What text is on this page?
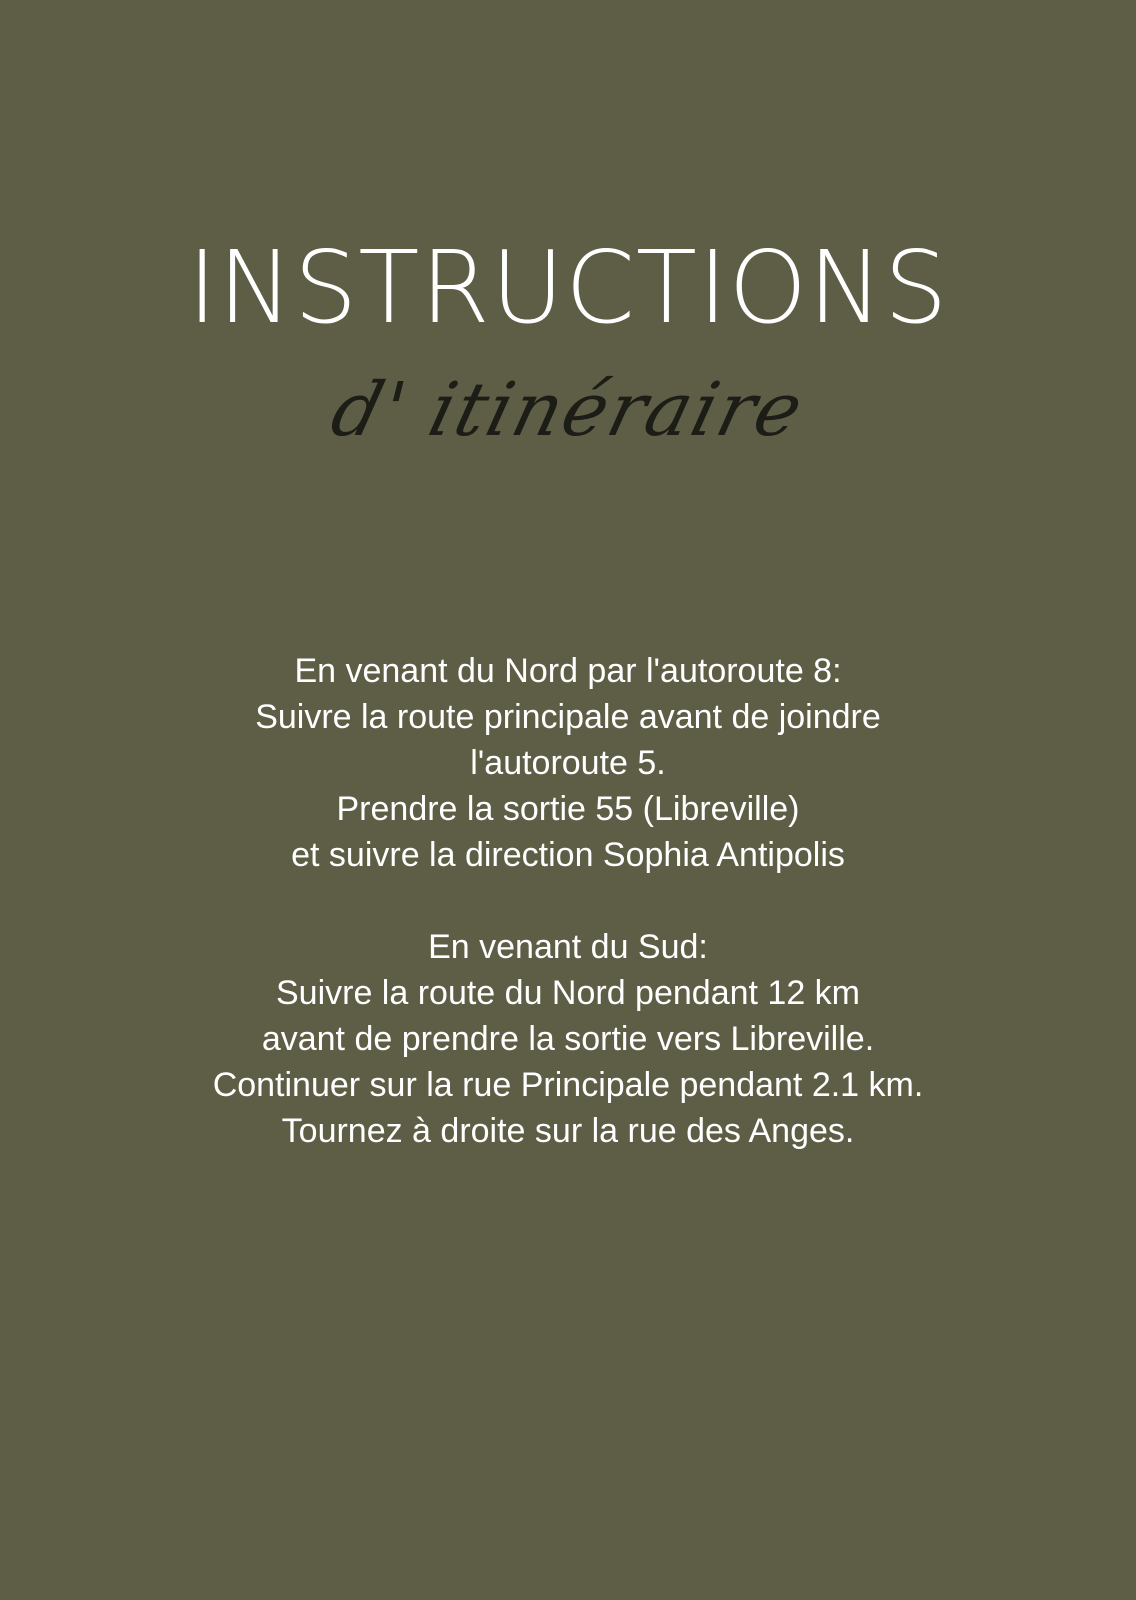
INSTRUCTIONS
d' itinéraire
En venant du Nord par l'autoroute 8:
Suivre la route principale avant de joindre
l'autoroute 5.
Prendre la sortie 55 (Libreville)
et suivre la direction Sophia Antipolis
En venant du Sud:
Suivre la route du Nord pendant 12 km
avant de prendre la sortie vers Libreville.
Continuer sur la rue Principale pendant 2.1 km.
Tournez à droite sur la rue des Anges.
